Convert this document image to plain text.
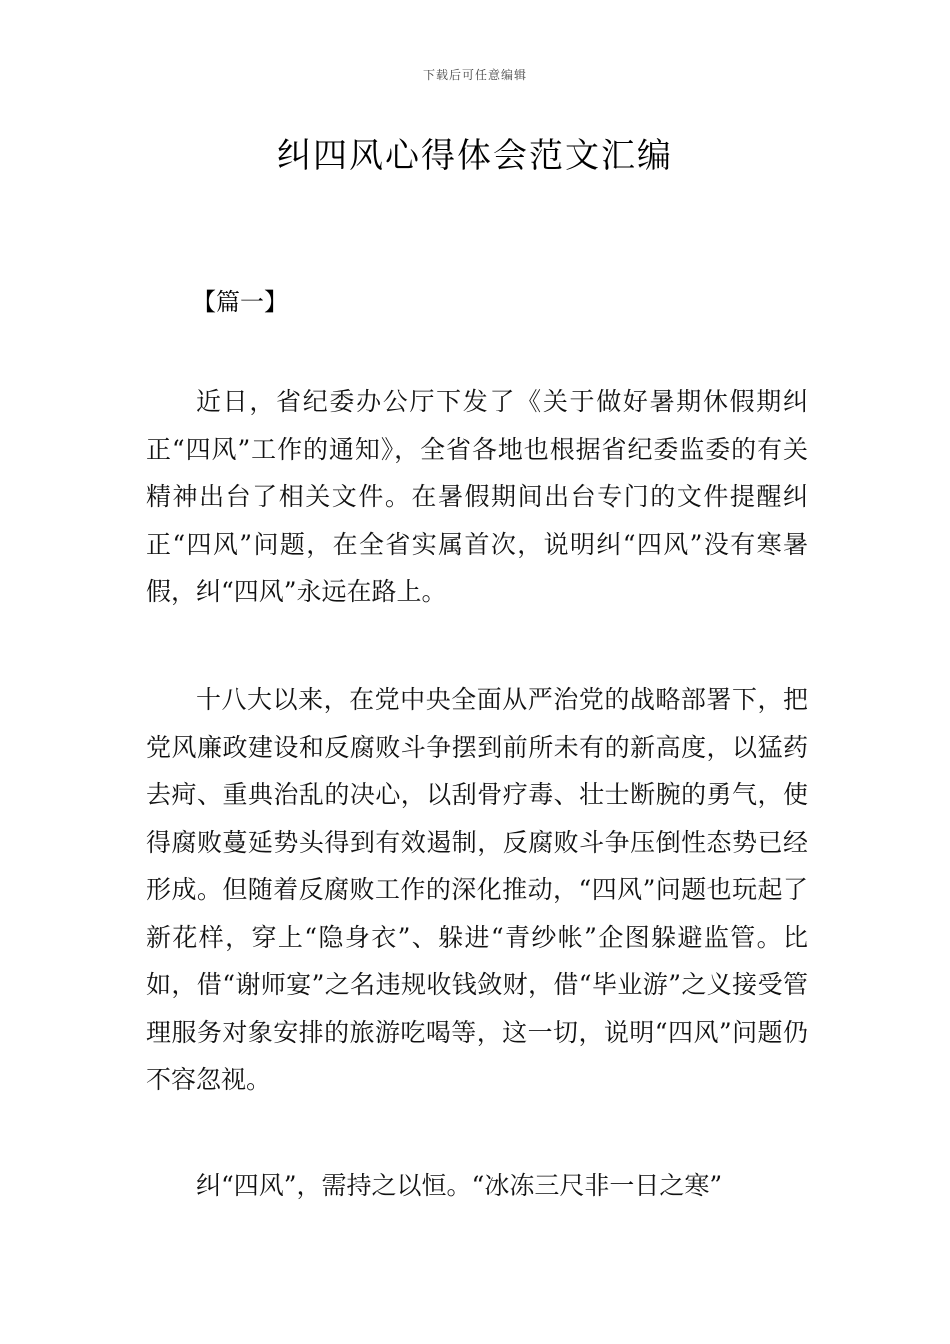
下载后可任意编辑
纠四风心得体会范文汇编

【篇一】

近日，省纪委办公厅下发了《关于做好暑期休假期纠正“四风”工作的通知》，全省各地也根据省纪委监委的有关精神出台了相关文件。在暑假期间出台专门的文件提醒纠正“四风”问题，在全省实属首次，说明纠“四风”没有寒暑假，纠“四风”永远在路上。

十八大以来，在党中央全面从严治党的战略部署下，把党风廉政建设和反腐败斗争摆到前所未有的新高度，以猛药去疴、重典治乱的决心，以刮骨疗毒、壮士断腕的勇气，使得腐败蔓延势头得到有效遏制，反腐败斗争压倒性态势已经形成。但随着反腐败工作的深化推动，“四风”问题也玩起了新花样，穿上“隐身衣”、躲进“青纱帐”企图躲避监管。比如，借“谢师宴”之名违规收钱敛财，借“毕业游”之义接受管理服务对象安排的旅游吃喝等，这一切，说明“四风”问题仍不容忽视。

纠“四风”，需持之以恒。“冰冻三尺非一日之寒”
